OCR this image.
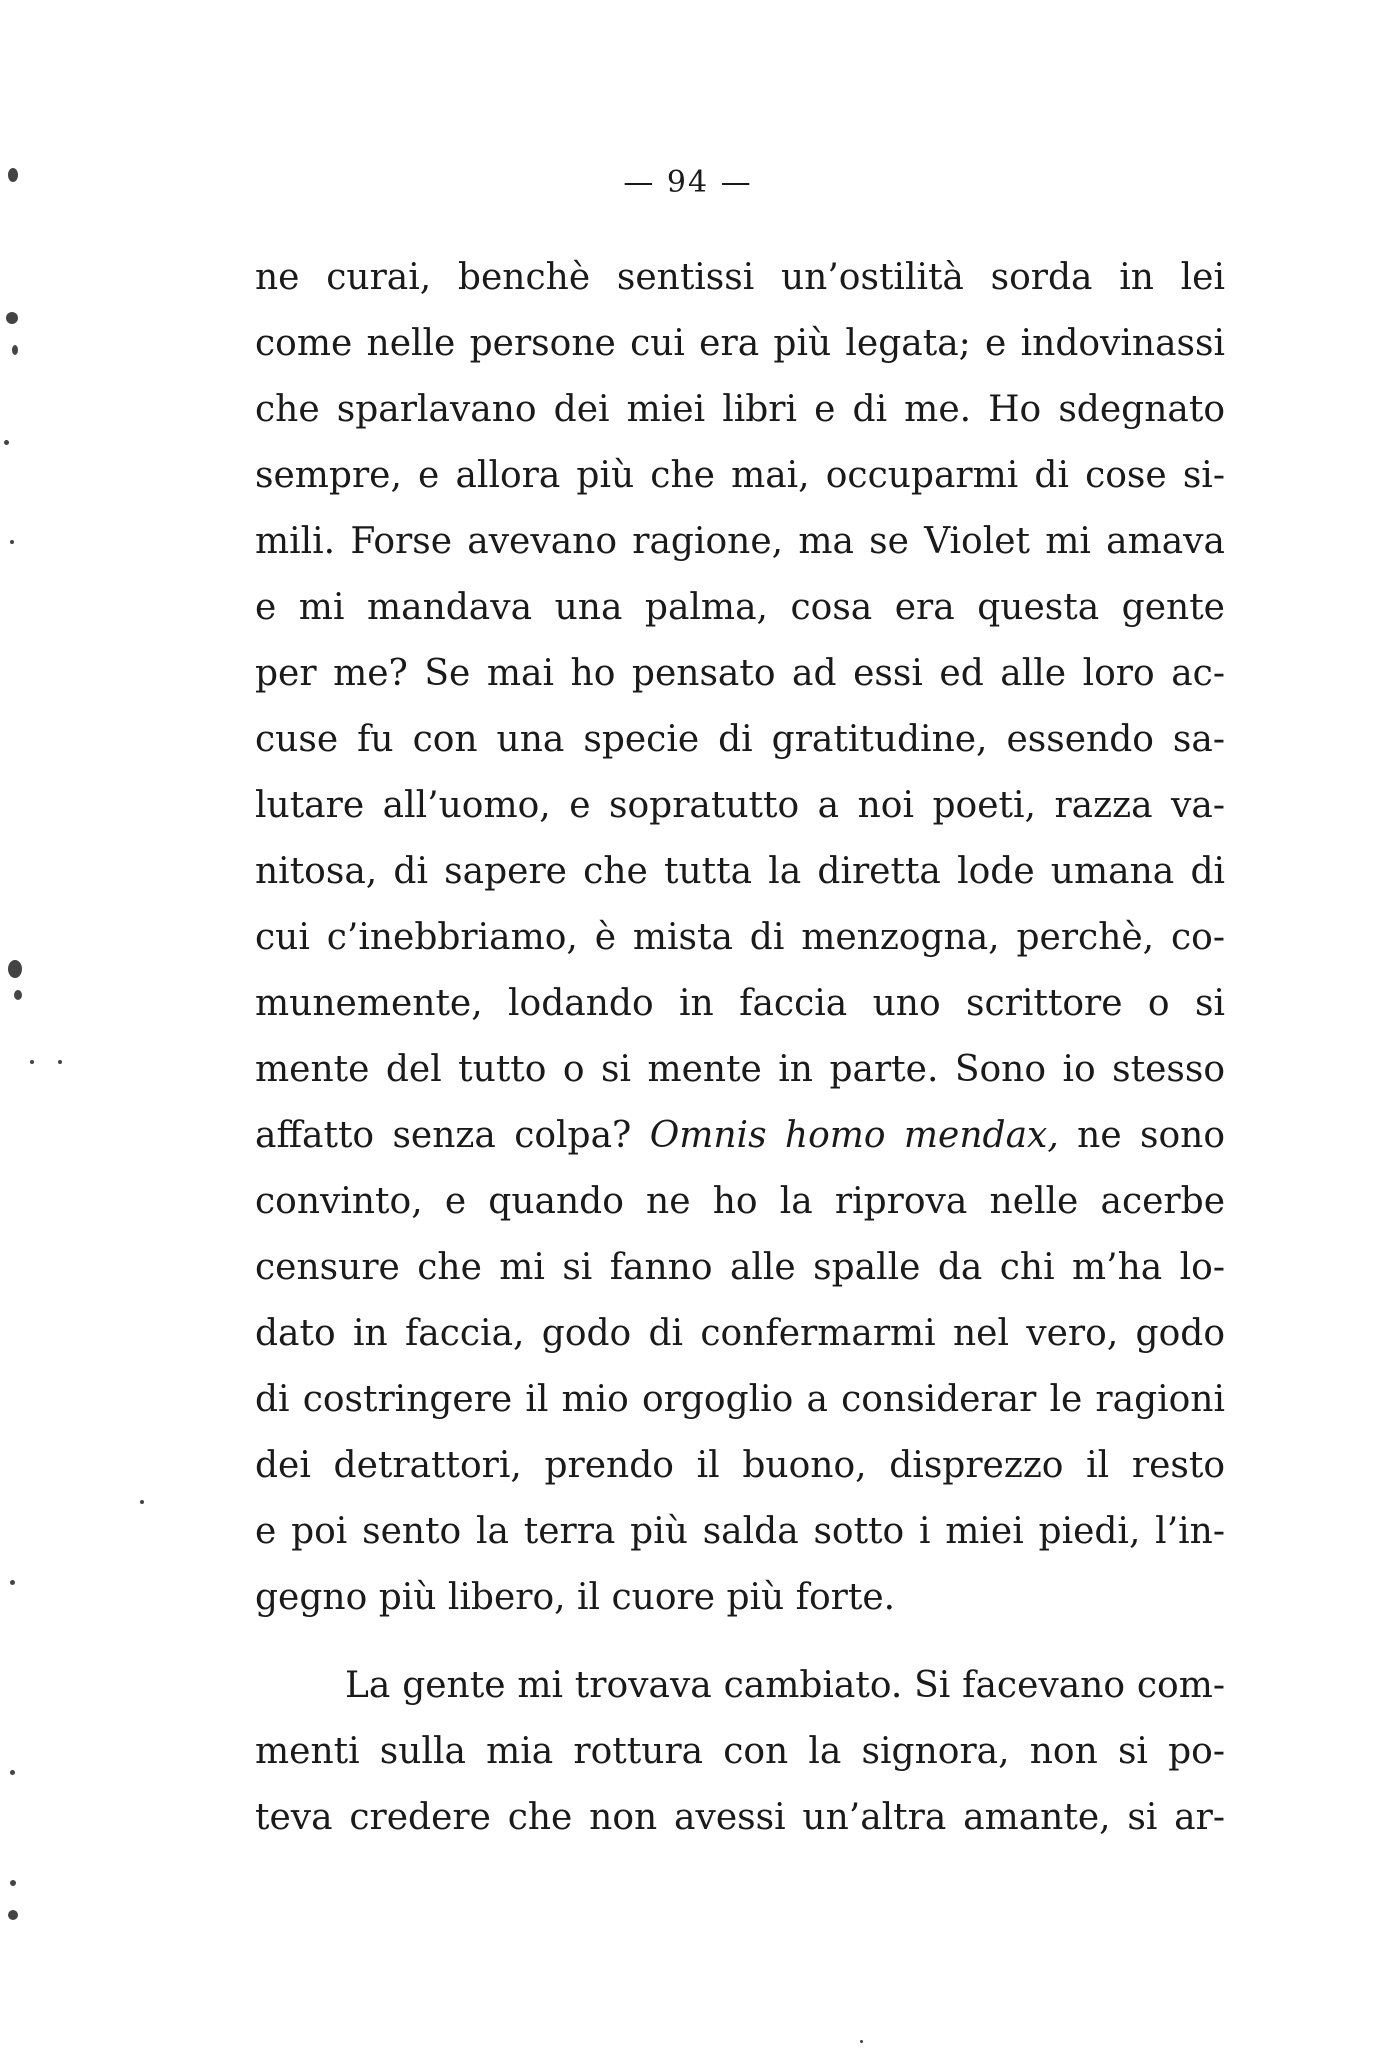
— 94 —
ne curai, benchè sentissi un’ostilità sorda in lei
come nelle persone cui era più legata; e indovinassi
che sparlavano dei miei libri e di me. Ho sdegnato
sempre, e allora più che mai, occuparmi di cose si-
mili. Forse avevano ragione, ma se Violet mi amava
e mi mandava una palma, cosa era questa gente
per me? Se mai ho pensato ad essi ed alle loro ac-
cuse fu con una specie di gratitudine, essendo sa-
lutare all’uomo, e sopratutto a noi poeti, razza va-
nitosa, di sapere che tutta la diretta lode umana di
cui c’inebbriamo, è mista di menzogna, perchè, co-
munemente, lodando in faccia uno scrittore o si
mente del tutto o si mente in parte. Sono io stesso
affatto senza colpa? Omnis homo mendax, ne sono
convinto, e quando ne ho la riprova nelle acerbe
censure che mi si fanno alle spalle da chi m’ha lo-
dato in faccia, godo di confermarmi nel vero, godo
di costringere il mio orgoglio a considerar le ragioni
dei detrattori, prendo il buono, disprezzo il resto
e poi sento la terra più salda sotto i miei piedi, l’in-
gegno più libero, il cuore più forte.
La gente mi trovava cambiato. Si facevano com-
menti sulla mia rottura con la signora, non si po-
teva credere che non avessi un’altra amante, si ar-
